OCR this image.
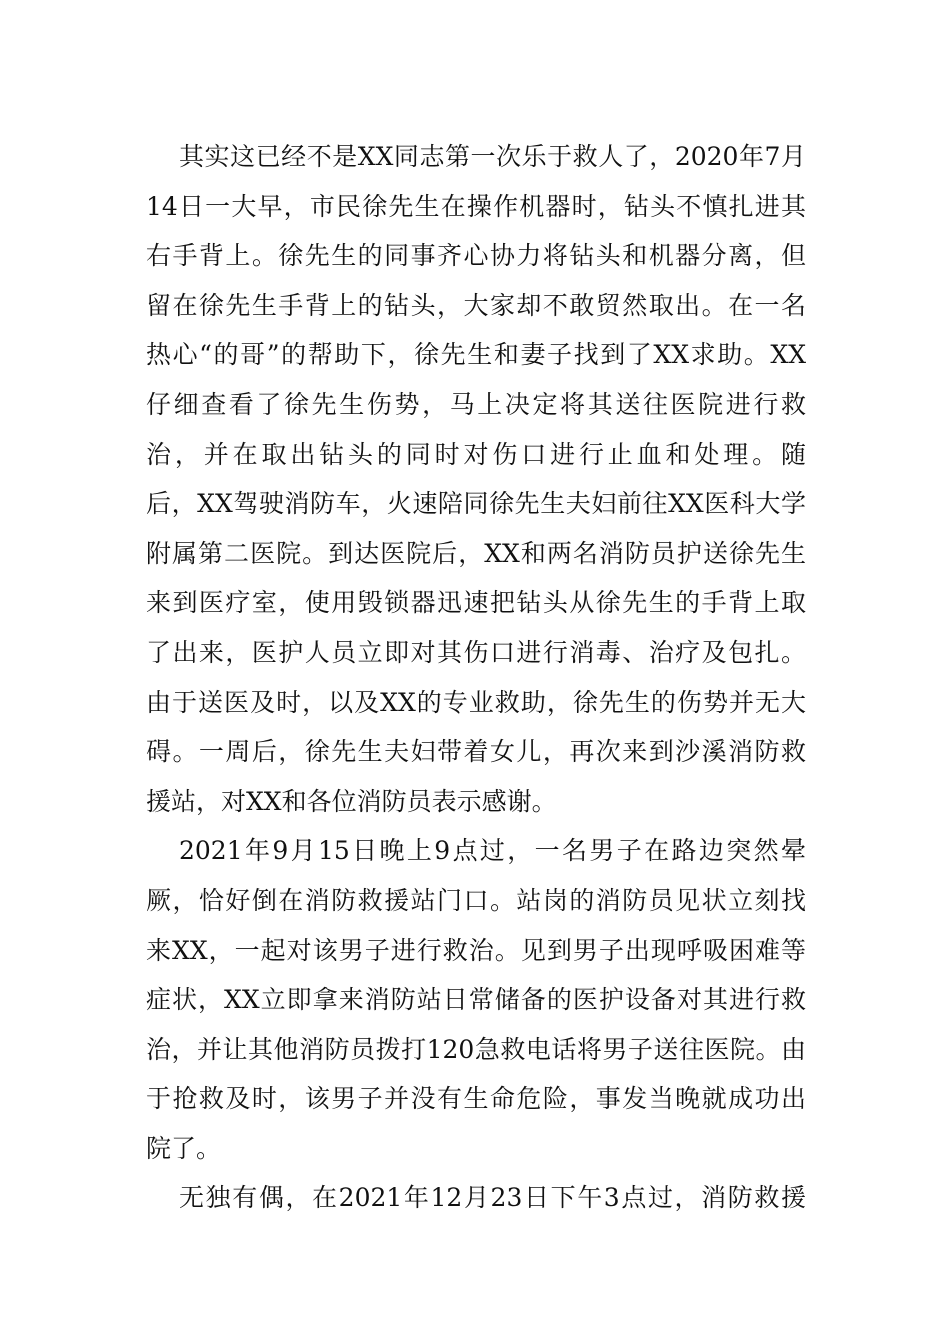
其实这已经不是XX同志第一次乐于救人了，2020年7月
14日一大早，市民徐先生在操作机器时，钻头不慎扎进其
右手背上。徐先生的同事齐心协力将钻头和机器分离，但
留在徐先生手背上的钻头，大家却不敢贸然取出。在一名
热心“的哥”的帮助下，徐先生和妻子找到了XX求助。XX
仔细查看了徐先生伤势，马上决定将其送往医院进行救
治，并在取出钻头的同时对伤口进行止血和处理。随
后，XX驾驶消防车，火速陪同徐先生夫妇前往XX医科大学
附属第二医院。到达医院后，XX和两名消防员护送徐先生
来到医疗室，使用毁锁器迅速把钻头从徐先生的手背上取
了出来，医护人员立即对其伤口进行消毒、治疗及包扎。
由于送医及时，以及XX的专业救助，徐先生的伤势并无大
碍。一周后，徐先生夫妇带着女儿，再次来到沙溪消防救
援站，对XX和各位消防员表示感谢。
2021年9月15日晚上9点过，一名男子在路边突然晕
厥，恰好倒在消防救援站门口。站岗的消防员见状立刻找
来XX，一起对该男子进行救治。见到男子出现呼吸困难等
症状，XX立即拿来消防站日常储备的医护设备对其进行救
治，并让其他消防员拨打120急救电话将男子送往医院。由
于抢救及时，该男子并没有生命危险，事发当晚就成功出
院了。
无独有偶，在2021年12月23日下午3点过，消防救援
